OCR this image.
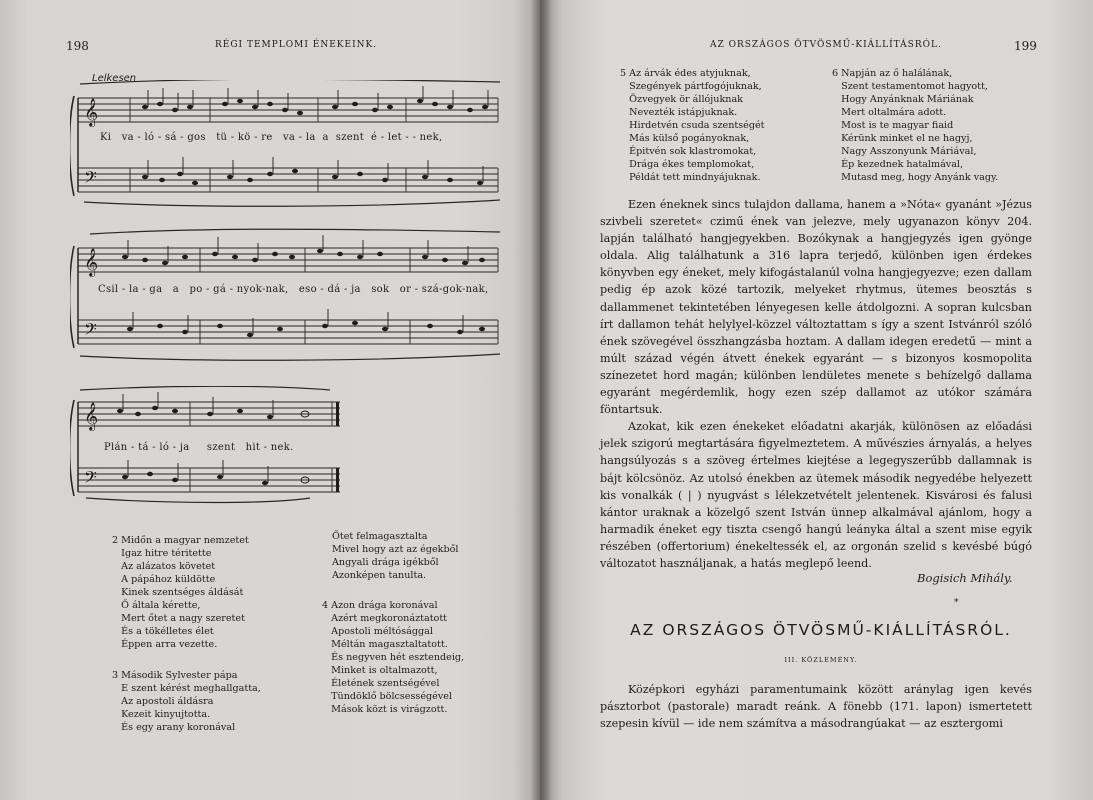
198	RÉGI TEMPLOMI ÉNEKEINK.
Lelkesen
𝄞
𝄢
Ki   va - ló - sá - gos   tü - kö - re   va - la  a  szent  é - let - - nek,
𝄞
𝄢
Csil - la - ga   a   po - gá - nyok-nak,   eso - dá - ja   sok   or - szá-gok-nak,
𝄞
𝄢
Plán - tá - ló - ja     szent   hit - nek.
2 Midőn a magyar nemzetet
Igaz hitre téritette
Az alázatos követet
A pápához küldötte
Kinek szentséges áldását
Ő általa kérette,
Mert őtet a nagy szeretet
És a tökélletes élet
Éppen arra vezette.
3 Második Sylvester pápa
E szent kérést meghallgatta,
Az apostoli áldásra
Kezeit kinyujtotta.
És egy arany koronával
Őtet felmagasztalta
Mivel hogy azt az égekből
Angyali drága igékből
Azonképen tanulta.
4 Azon drága koronával
Azért megkoronáztatott
Apostoli méltósággal
Méltán magasztaltatott.
És negyven hét esztendeig,
Minket is oltalmazott,
Életének szentségével
Tündöklő bölcsességével
Mások közt is virágzott.
AZ ORSZÁGOS ÖTVÖSMŰ-KIÁLLÍTÁSRÓL.	199
5 Az árvák édes atyjuknak,
Szegények pártfogójuknak,
Özvegyek ör állójuknak
Nevezték istápjuknak.
Hirdetvén csuda szentségét
Más külső pogányoknak,
Épitvén sok klastromokat,
Drága ékes templomokat,
Példát tett mindnyájuknak.
6 Napján az ő halálának,
Szent testamentomot hagyott,
Hogy Anyánknak Máriának
Mert oltalmára adott.
Most is te magyar fiaid
Kérünk minket el ne hagyj,
Nagy Asszonyunk Máriával,
Ép kezednek hatalmával,
Mutasd meg, hogy Anyánk vagy.

Ezen éneknek sincs tulajdon dallama, hanem a »Nóta« gyanánt »Jézus szivbeli szeretet« czimű ének van jelezve, mely ugyanazon könyv 204. lapján található hangjegyekben. Bozókynak a hangjegyzés igen gyönge oldala. Alig találhatunk a 316 lapra terjedő, különben igen érdekes könyvben egy éneket, mely kifogástalanúl volna hangjegyezve; ezen dallam pedig ép azok közé tartozik, melyeket rhytmus, ütemes beosztás s dallammenet tekintetében lényegesen kelle átdolgozni. A sopran kulcsban írt dallamon tehát helylyel-közzel változtattam s így a szent Istvánról szóló ének szövegével összhangzásba hoztam. A dallam idegen eredetű — mint a múlt század végén átvett énekek egyaránt — s bizonyos kosmopolita színezetet hord magán; különben lendületes menete s behízelgő dallama egyaránt megérdemlik, hogy ezen szép dallamot az utókor számára föntartsuk.

Azokat, kik ezen énekeket előadatni akarják, különösen az előadási jelek szigorú megtartására figyelmeztetem. A művészies árnyalás, a helyes hangsúlyozás s a szöveg értelmes kiejtése a legegyszerűbb dallamnak is bájt kölcsönöz. Az utolsó énekben az ütemek második negyedébe helyezett kis vonalkák ( | ) nyugvást s lélekzetvételt jelentenek. Kisvárosi és falusi kántor uraknak a közelgő szent István ünnep alkalmával ajánlom, hogy a harmadik éneket egy tiszta csengő hangú leányka által a szent mise egyik részében (offertorium) énekeltessék el, az orgonán szelid s kevésbé búgó változatot használjanak, a hatás meglepő leend.

Bogisich Mihály.
*
AZ ORSZÁGOS ÖTVÖSMŰ-KIÁLLÍTÁSRÓL.
III. KÖZLEMÉNY.

Középkori egyházi paramentumaink között aránylag igen kevés pásztorbot (pastorale) maradt reánk. A fönebb (171. lapon) ismertetett szepesin kívül — ide nem számítva a másodrangúakat — az esztergomi
